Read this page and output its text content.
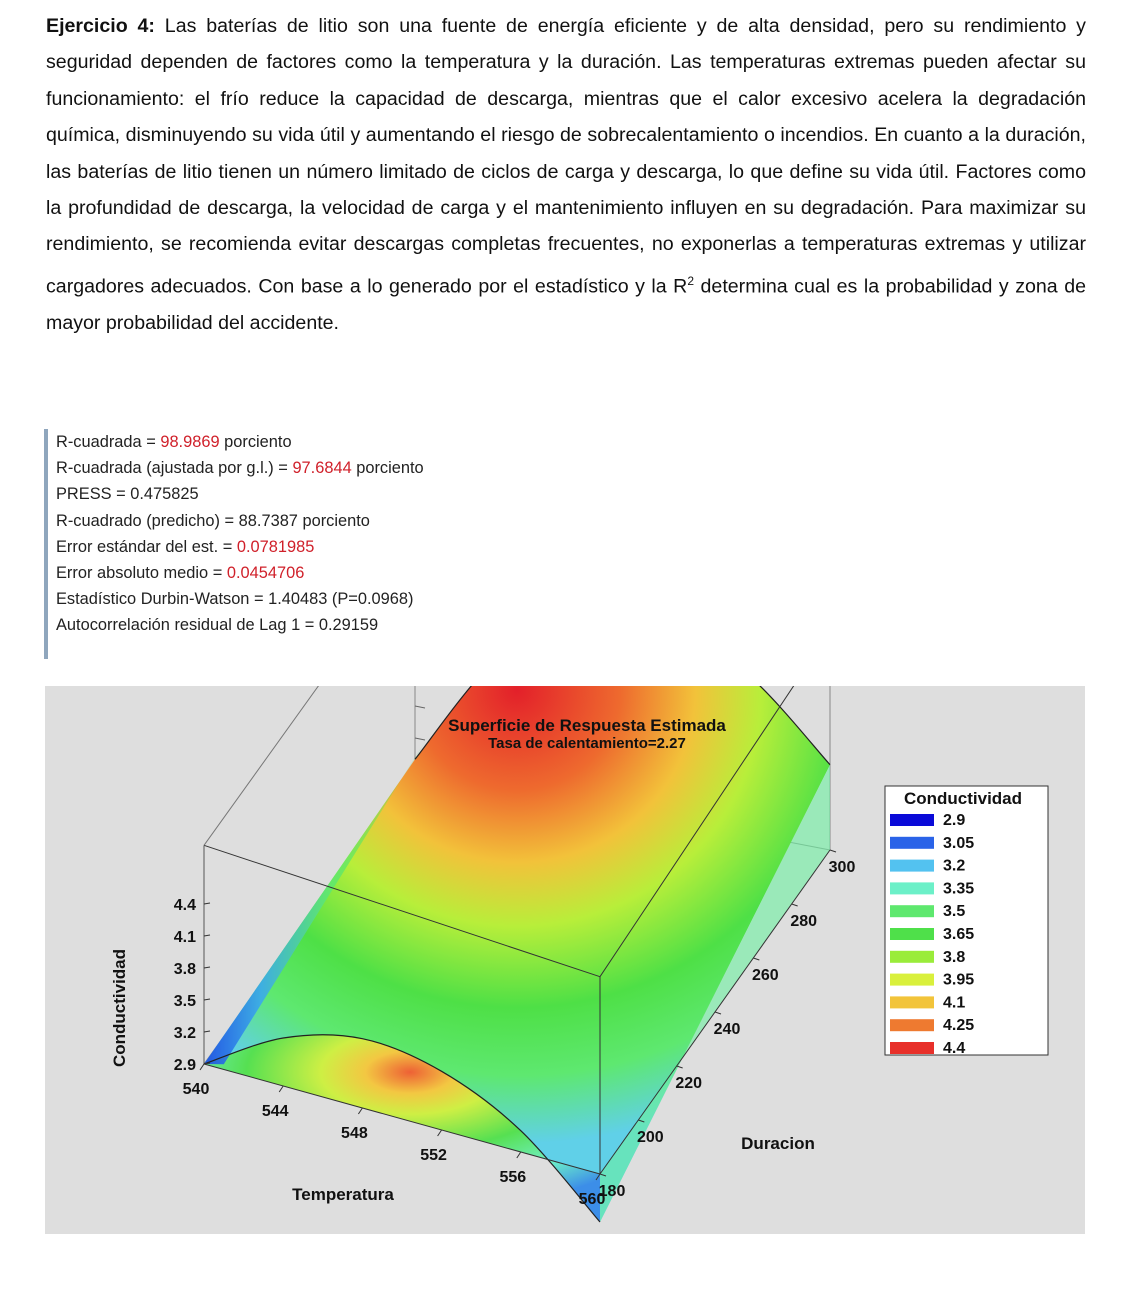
Ejercicio 4: Las baterías de litio son una fuente de energía eficiente y de alta densidad, pero su rendimiento y seguridad dependen de factores como la temperatura y la duración. Las temperaturas extremas pueden afectar su funcionamiento: el frío reduce la capacidad de descarga, mientras que el calor excesivo acelera la degradación química, disminuyendo su vida útil y aumentando el riesgo de sobrecalentamiento o incendios. En cuanto a la duración, las baterías de litio tienen un número limitado de ciclos de carga y descarga, lo que define su vida útil. Factores como la profundidad de descarga, la velocidad de carga y el mantenimiento influyen en su degradación. Para maximizar su rendimiento, se recomienda evitar descargas completas frecuentes, no exponerlas a temperaturas extremas y utilizar cargadores adecuados. Con base a lo generado por el estadístico y la $R^2$ determina cual es la probabilidad y zona de mayor probabilidad del accidente.

R-cuadrada = 98.9869 porciento
R-cuadrada (ajustada por g.l.) = 97.6844 porciento
PRESS = 0.475825
R-cuadrado (predicho) = 88.7387 porciento
Error estándar del est. = 0.0781985
Error absoluto medio = 0.0454706
Estadístico Durbin-Watson = 1.40483 (P=0.0968)
Autocorrelación residual de Lag 1 = 0.29159
2.9
3.2
3.5
3.8
4.1
4.4
540
544
548
552
556
560
180
200
220
240
260
280
300
Temperatura
Duracion
Conductividad
Superficie de Respuesta Estimada
Tasa de calentamiento=2.27
Conductividad
2.9
3.05
3.2
3.35
3.5
3.65
3.8
3.95
4.1
4.25
4.4
